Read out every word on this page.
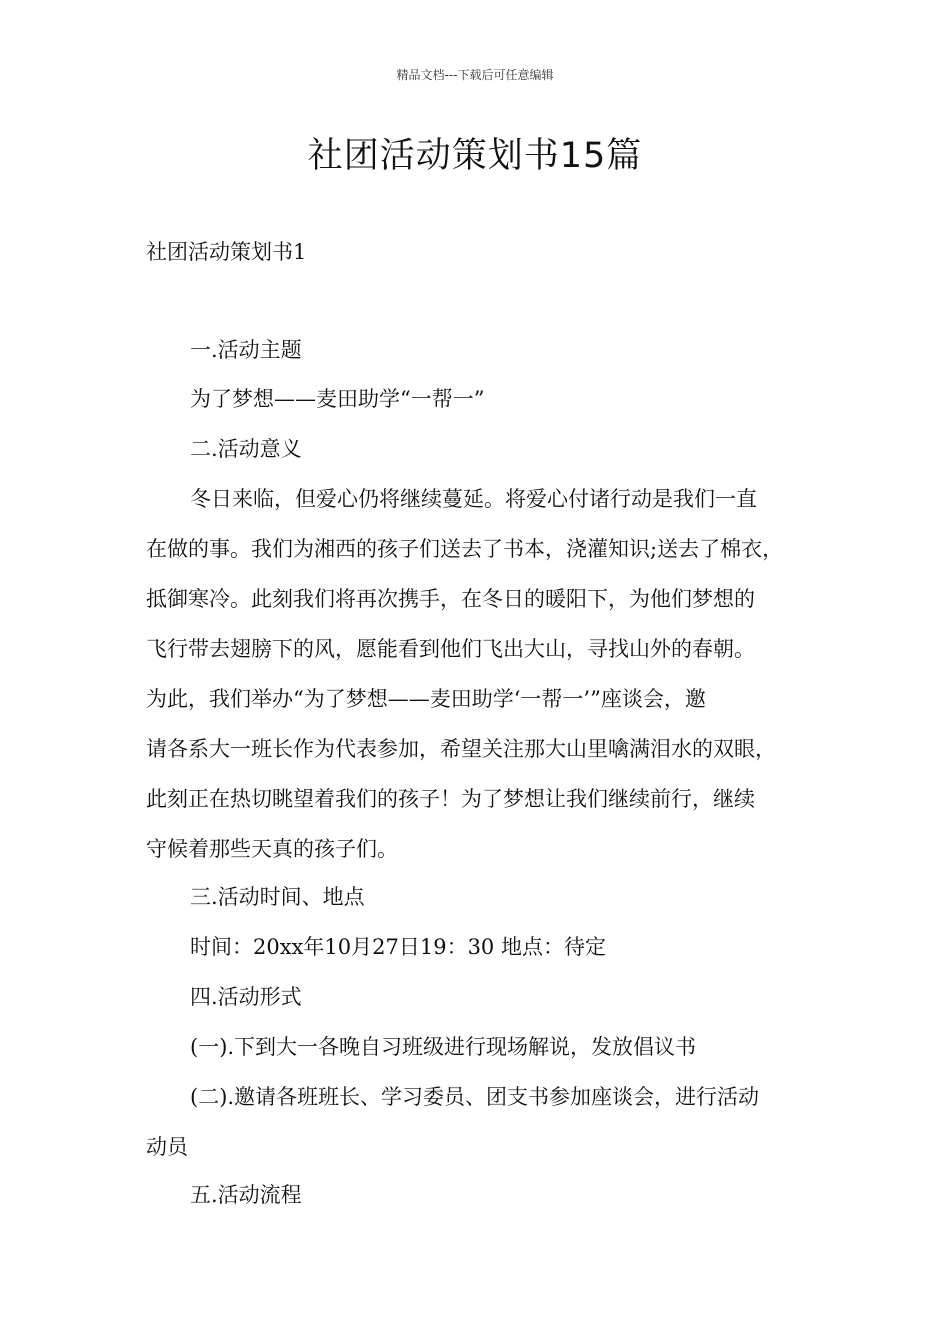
精品文档---下载后可任意编辑
社团活动策划书15篇
社团活动策划书1
一.活动主题
为了梦想——麦田助学“一帮一”
二.活动意义
冬日来临，但爱心仍将继续蔓延。将爱心付诸行动是我们一直
在做的事。我们为湘西的孩子们送去了书本，浇灌知识;送去了棉衣，
抵御寒冷。此刻我们将再次携手，在冬日的暖阳下，为他们梦想的
飞行带去翅膀下的风，愿能看到他们飞出大山，寻找山外的春朝。
为此，我们举办“为了梦想——麦田助学‘一帮一’”座谈会，邀
请各系大一班长作为代表参加，希望关注那大山里噙满泪水的双眼，
此刻正在热切眺望着我们的孩子！为了梦想让我们继续前行，继续
守候着那些天真的孩子们。
三.活动时间、地点
时间：20xx年10月27日19：30 地点：待定
四.活动形式
(一).下到大一各晚自习班级进行现场解说，发放倡议书
(二).邀请各班班长、学习委员、团支书参加座谈会，进行活动
动员
五.活动流程
